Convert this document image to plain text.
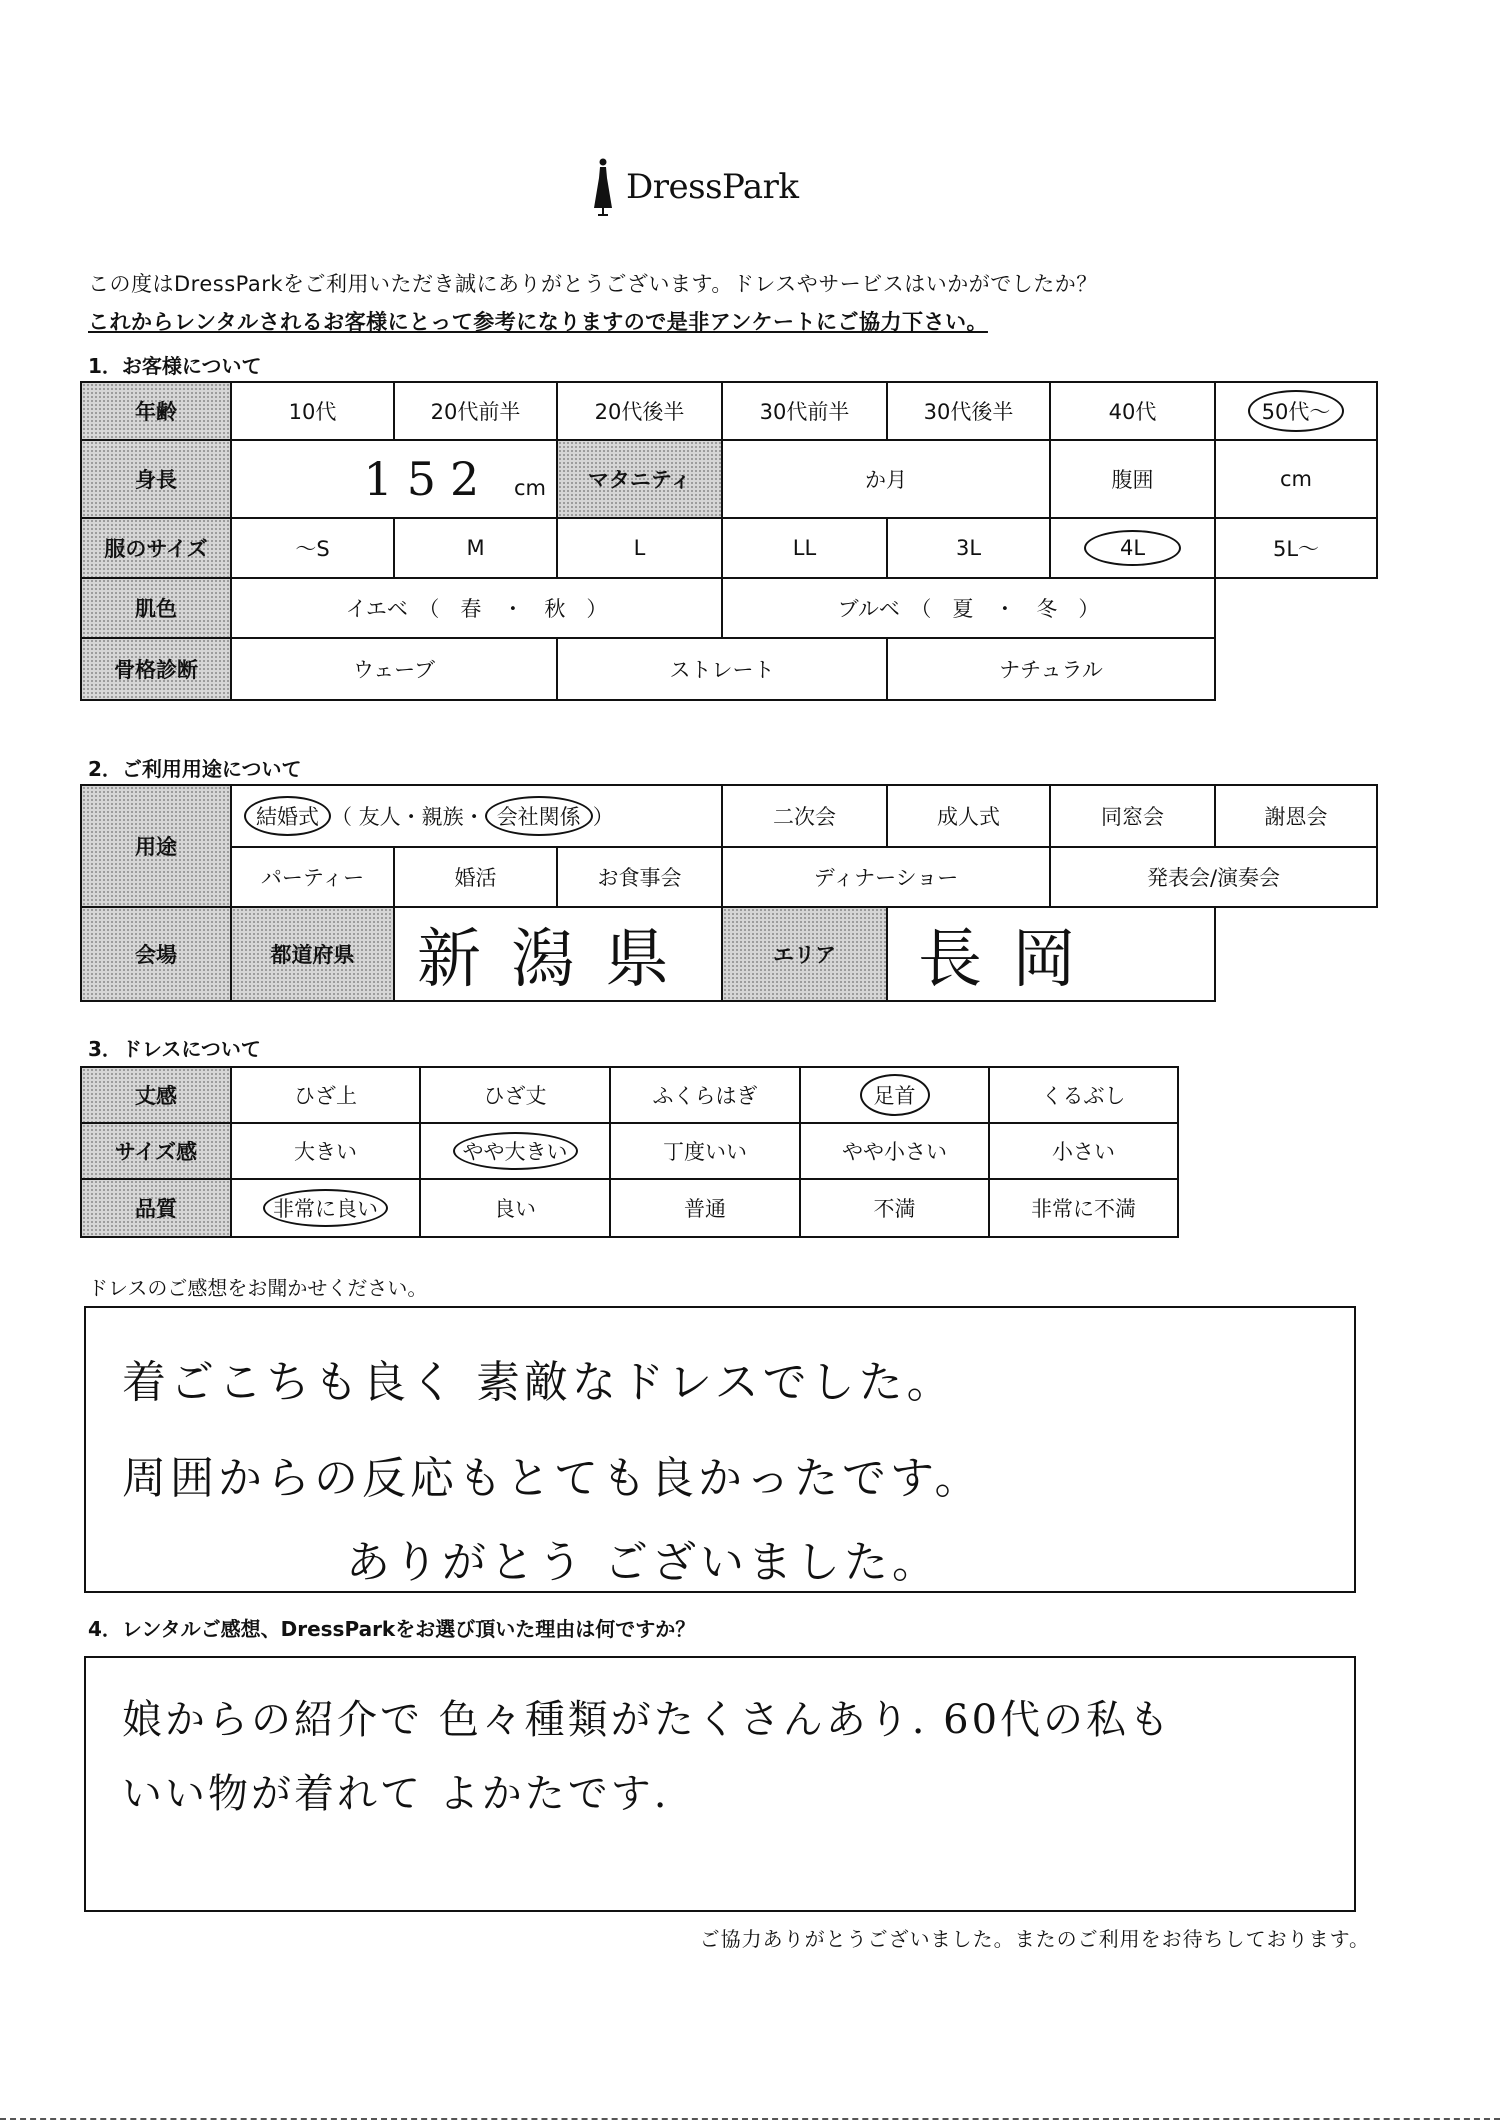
DressPark
この度はDressParkをご利用いただき誠にありがとうございます。ドレスやサービスはいかがでしたか？
これからレンタルされるお客様にとって参考になりますので是非アンケートにご協力下さい。
1．お客様について
年齢	10代	20代前半	20代後半	30代前半	30代後半	40代	50代～
身長	152 cm		マタニティ	か月		腹囲	cm
服のサイズ	～S	M	L	LL	3L	4L	5L～
肌色	イエベ　（　春　・　秋　）			ブルベ　（　夏　・　冬　）			
骨格診断	ウェーブ		ストレート		ナチュラル		
2．ご利用用途について
用途	結婚式 （ 友人・親族・ 会社関係 ）			二次会	成人式	同窓会	謝恩会
	パーティー	婚活	お食事会	ディナーショー		発表会/演奏会	
会場	都道府県	新潟県		エリア	長岡		
3．ドレスについて
丈感	ひざ上	ひざ丈	ふくらはぎ	足首	くるぶし
サイズ感	大きい	やや大きい	丁度いい	やや小さい	小さい
品質	非常に良い	良い	普通	不満	非常に不満
ドレスのご感想をお聞かせください。
着ごこちも良く 素敵なドレスでした。
周囲からの反応もとても良かったです。
ありがとう ございました。
4．レンタルご感想、DressParkをお選び頂いた理由は何ですか？
娘からの紹介で 色々種類がたくさんあり. 60代の私も
いい物が着れて よかたです.
ご協力ありがとうございました。またのご利用をお待ちしております。
